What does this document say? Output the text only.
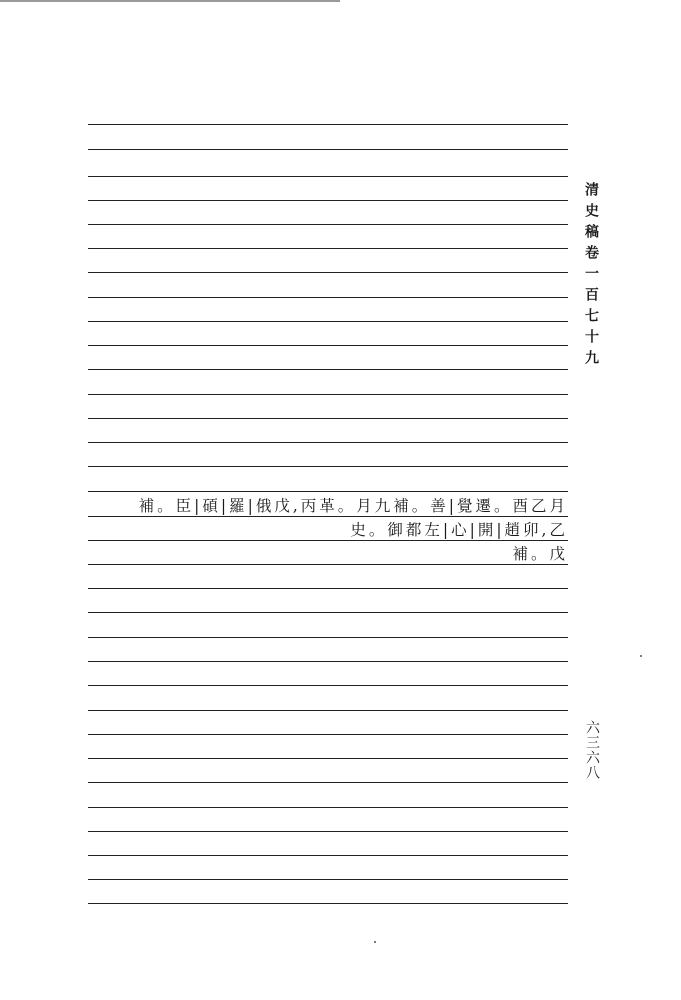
補。臣|碩|羅|俄戊,丙革。月九補。善|覺遷。酉乙月
史。御都左|心|開|趙卯,乙
補。戊
清史稿卷一百七十九
六三六八
